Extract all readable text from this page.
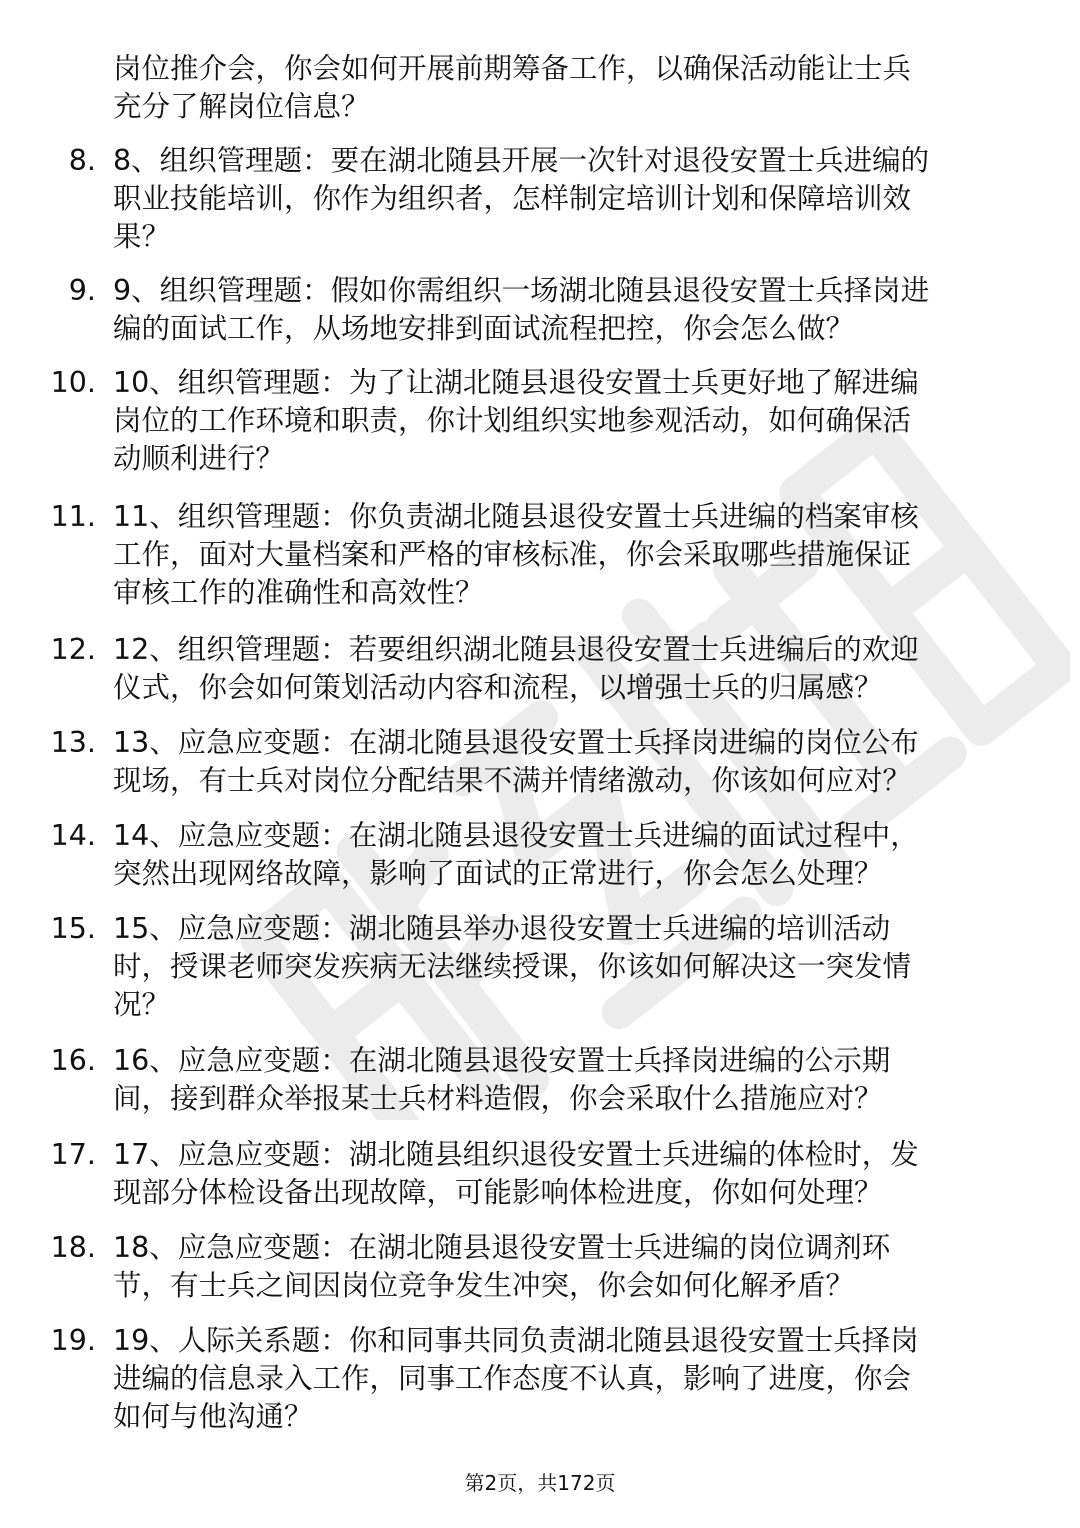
岗位推介会，你会如何开展前期筹备工作，以确保活动能让士兵
充分了解岗位信息？
8. 8、组织管理题：要在湖北随县开展一次针对退役安置士兵进编的
职业技能培训，你作为组织者，怎样制定培训计划和保障培训效
果？
9. 9、组织管理题：假如你需组织一场湖北随县退役安置士兵择岗进
编的面试工作，从场地安排到面试流程把控，你会怎么做？
10. 10、组织管理题：为了让湖北随县退役安置士兵更好地了解进编
岗位的工作环境和职责，你计划组织实地参观活动，如何确保活
动顺利进行？
11. 11、组织管理题：你负责湖北随县退役安置士兵进编的档案审核
工作，面对大量档案和严格的审核标准，你会采取哪些措施保证
审核工作的准确性和高效性？
12. 12、组织管理题：若要组织湖北随县退役安置士兵进编后的欢迎
仪式，你会如何策划活动内容和流程，以增强士兵的归属感？
13. 13、应急应变题：在湖北随县退役安置士兵择岗进编的岗位公布
现场，有士兵对岗位分配结果不满并情绪激动，你该如何应对？
14. 14、应急应变题：在湖北随县退役安置士兵进编的面试过程中，
突然出现网络故障，影响了面试的正常进行，你会怎么处理？
15. 15、应急应变题：湖北随县举办退役安置士兵进编的培训活动
时，授课老师突发疾病无法继续授课，你该如何解决这一突发情
况？
16. 16、应急应变题：在湖北随县退役安置士兵择岗进编的公示期
间，接到群众举报某士兵材料造假，你会采取什么措施应对？
17. 17、应急应变题：湖北随县组织退役安置士兵进编的体检时，发
现部分体检设备出现故障，可能影响体检进度，你如何处理？
18. 18、应急应变题：在湖北随县退役安置士兵进编的岗位调剂环
节，有士兵之间因岗位竞争发生冲突，你会如何化解矛盾？
19. 19、人际关系题：你和同事共同负责湖北随县退役安置士兵择岗
进编的信息录入工作，同事工作态度不认真，影响了进度，你会
如何与他沟通？
第2页，共172页
